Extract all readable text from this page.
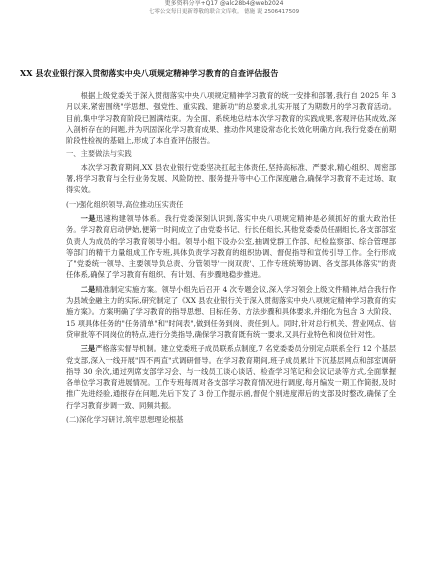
更多资料分享+Q17 @alc28b4@web2024
七零公交每日更新尊敬的联合文库收。 德施 说 2506417509
XX 县农业银行深入贯彻落实中央八项规定精神学习教育的自查评估报告

根据上级党委关于深入贯彻落实中央八项规定精神学习教育的统一安排和部署,我行自 2025 年 3 月以来,紧密围绕"学思想、强党性、重实践、建新功"的总要求,扎实开展了为期数月的学习教育活动。 目前,集中学习教育阶段已圆满结束。为全面、系统地总结本次学习教育的实践成果,客观评估其成效,深入剖析存在的问题,并为巩固深化学习教育成果、推动作风建设常态化长效化明确方向,我行党委在前期阶段性检视的基础上,形成了本自查评估报告。

一、主要做法与实践

本次学习教育期间,XX 县农业银行党委坚决扛起主体责任,坚持高标准、严要求,精心组织、周密部署,将学习教育与全行业务发展、风险防控、服务提升等中心工作深度融合,确保学习教育不走过场、取得实效。

(一)强化组织领导,高位推动压实责任

一是迅速构建领导体系。我行党委深刻认识到,落实中央八项规定精神是必须抓好的重大政治任务。学习教育启动伊始,便第一时间成立了由党委书记、行长任组长,其他党委委员任副组长,各支部部室负责人为成员的学习教育领导小组。领导小组下设办公室,抽调党群工作部、纪检监察部、综合管理部等部门的精干力量组成工作专班,具体负责学习教育的组织协调、督促指导和宣传引导工作。全行形成了"党委统一领导、主要领导负总责、分管领导'一岗双责'、工作专班统筹协调、各支部具体落实"的责任体系,确保了学习教育有组织、有计划、有步骤地稳步推进。

二是精准制定实施方案。领导小组先后召开 4 次专题会议,深入学习领会上级文件精神,结合我行作为县域金融主力的实际,研究制定了《XX 县农业银行关于深入贯彻落实中央八项规定精神学习教育的实施方案》。方案明确了学习教育的指导思想、目标任务、方法步骤和具体要求,并细化为包含 3 大阶段、15 项具体任务的"任务清单"和"时间表",做到任务到岗、责任到人。同时,针对总行机关、营业网点、信贷审批等不同岗位的特点,进行分类指导,确保学习教育既有统一要求,又具行业特色和岗位针对性。

三是严格落实督导机制。建立党委班子成员联系点制度,7 名党委委员分别定点联系全行 12 个基层党支部,深入一线开展"四不两直"式调研督导。在学习教育期间,班子成员累计下沉基层网点和部室调研指导 30 余次,通过列席支部学习会、与一线员工谈心谈话、检查学习笔记和会议记录等方式,全面掌握各单位学习教育进展情况。工作专班每周对各支部学习教育情况进行调度,每月编发一期工作简报,及时推广先进经验,通报存在问题,先后下发了 3 份工作提示函,督促个别进度滞后的支部及时整改,确保了全行学习教育步调一致、同频共振。

(二)深化学习研讨,筑牢思想理论根基
